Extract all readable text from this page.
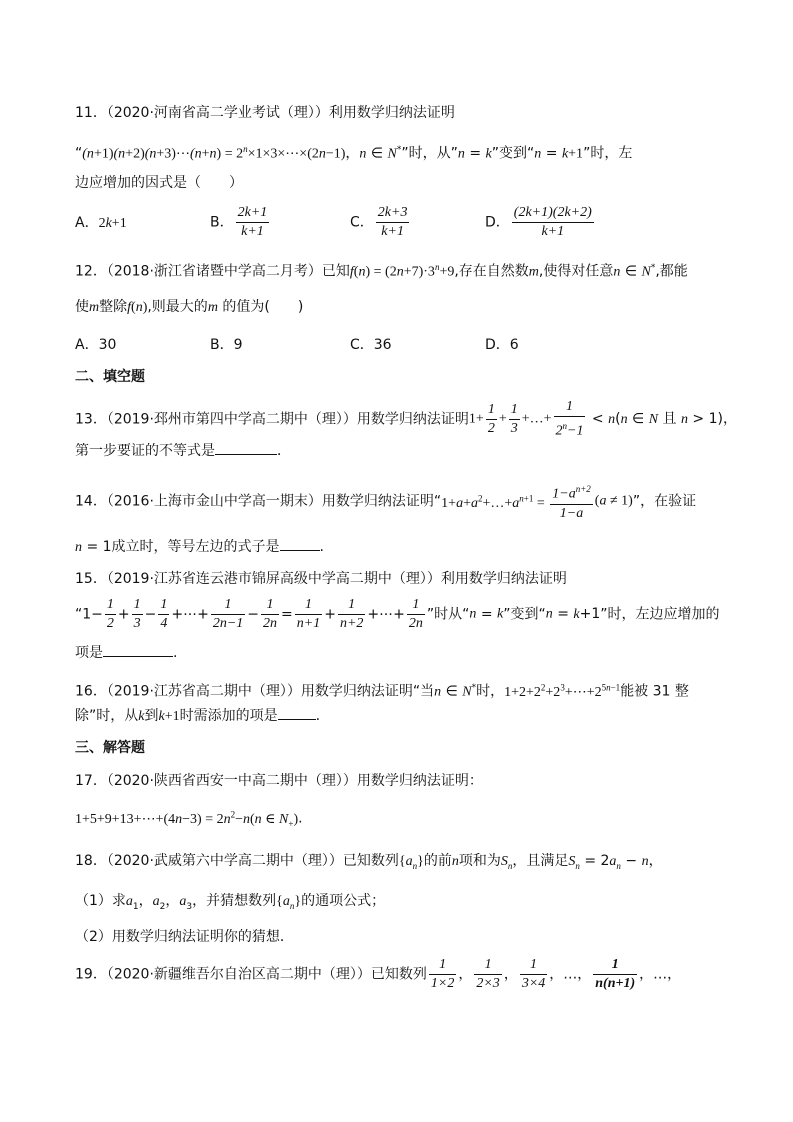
11．（2020·河南省高二学业考试（理））利用数学归纳法证明
“(n+1)(n+2)(n+3)⋯(n+n) = $2^n\times 1\times 3\times\cdots\times(2n-1)$，n ∈ N*”时，从”n = k”变到“n = k+1”时，左
边应增加的因式是（　　）
A．2k+1	B． $\frac{2k+1}{k+1}$	C． $\frac{2k+3}{k+1}$	D． $\frac{(2k+1)(2k+2)}{k+1}$
12．（2018·浙江省诸暨中学高二月考）已知$f(n) = (2n+7)\cdot 3^n+9$,存在自然数m,使得对任意n ∈ N*,都能
使m整除f(n),则最大的m 的值为(　　)
A．30	B．9	C．36	D．6
二、填空题
13．（2019·邳州市第四中学高二期中（理））用数学归纳法证明$1+ \frac{1}{2} + \frac{1}{3}$ +…+ $\frac{1}{2^n-1} < n(n$ ∈ N 且 n > 1)，
第一步要证的不等式是	．
14．（2016·上海市金山中学高一期末）用数学归纳法证明“$1+a+a^2+\dots+a^{n+1} = \frac{1-a^{n+2}}{1-a} (a \ne 1)$”，在验证
n = 1成立时，等号左边的式子是	.
15．（2019·江苏省连云港市锦屏高级中学高二期中（理））利用数学归纳法证明
“$1- \frac{1}{2} + \frac{1}{3} - \frac{1}{4}$ +⋯+ $\frac{1}{2n-1} - \frac{1}{2n} = \frac{1}{n+1} + \frac{1}{n+2}$ +⋯+ $\frac{1}{2n}$ ”时从“n = k”变到“n = k+1”时，左边应增加的
项是	.
16．（2019·江苏省高二期中（理））用数学归纳法证明“当n ∈ N*时，$1+2+2^2+2^3+\cdots+2^{5n-1}$能被 31 整
除”时，从k到k+1时需添加的项是	.
三、解答题
17．（2020·陕西省西安一中高二期中（理））用数学归纳法证明：
1+5+9+13+⋯+(4n−3) = $2n^2-n(n$ ∈ $N_+$).
18．（2020·武威第六中学高二期中（理））已知数列$\{a_n\}$的前n项和为$S_n$，且满足$S_n = 2a_n - n$，
（1）求$a_1$，$a_2$，$a_3$，并猜想数列$\{a_n\}$的通项公式；
（2）用数学归纳法证明你的猜想．
19．（2020·新疆维吾尔自治区高二期中（理））已知数列 $\frac{1}{1\times 2}$ ， $\frac{1}{2\times 3}$ ， $\frac{1}{3\times 4}$ ，…， $\frac{1}{n(n+1)}$ ，…，
